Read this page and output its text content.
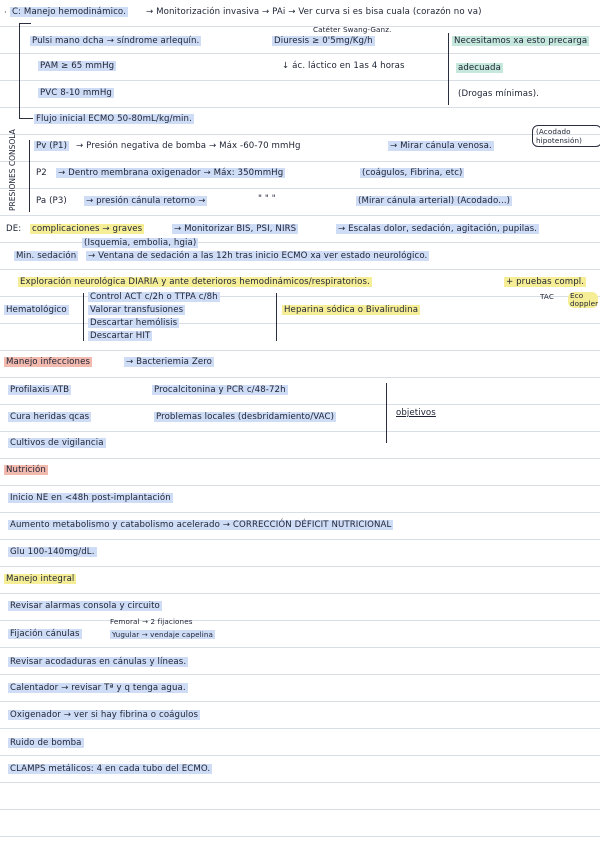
· C: Manejo hemodinámico. → Monitorización invasiva → PAi → Ver curva si es bisa cuala (corazón no va)
Catéter Swang-Ganz.
Pulsi mano dcha → síndrome arlequín.
PAM ≥ 65 mmHg
PVC 8-10 mmHg
Diuresis ≥ 0'5mg/Kg/h
↓ ác. láctico en 1as 4 horas
Necesitamos xa esto precarga
adecuada
(Drogas mínimas).
Flujo inicial ECMO 50-80mL/kg/min.
PRESIONES CONSOLA Pv (P1) → Presión negativa de bomba → Máx -60-70 mmHg	→ Mirar cánula venosa.
(Acodado hipotensión)
P2 → Dentro membrana oxigenador → Máx: 350mmHg	(coágulos, Fibrina, etc)
Pa (P3) → presión cánula retorno →	" " "	(Mirar cánula arterial) (Acodado...)
DE: complicaciones → graves	→ Monitorizar BIS, PSI, NIRS	→ Escalas dolor, sedación, agitación, pupilas.
(Isquemia, embolia, hgia)
Min. sedación → Ventana de sedación a las 12h tras inicio ECMO xa ver estado neurológico.
Exploración neurológica DIARIA y ante deterioros hemodinámicos/respiratorios.	+ pruebas compl.
TAC Eco doppler
Hematológico
Control ACT c/2h o TTPA c/8h
Valorar transfusiones
Descartar hemólisis
Descartar HIT
Heparina sódica o Bivalirudina
Manejo infecciones	→ Bacteriemia Zero
Profilaxis ATB
Cura heridas qcas
Cultivos de vigilancia
Procalcitonina y PCR c/48-72h
Problemas locales (desbridamiento/VAC)	objetivos
Nutrición
Inicio NE en <48h post-implantación
Aumento metabolismo y catabolismo acelerado → CORRECCIÓN DÉFICIT NUTRICIONAL
Glu 100-140mg/dL.
Manejo integral
Revisar alarmas consola y circuito
Fijación cánulas
Femoral → 2 fijaciones
Yugular → vendaje capelina
Revisar acodaduras en cánulas y líneas.
Calentador → revisar Tª y q tenga agua.
Oxigenador → ver si hay fibrina o coágulos
Ruido de bomba
CLAMPS metálicos: 4 en cada tubo del ECMO.
